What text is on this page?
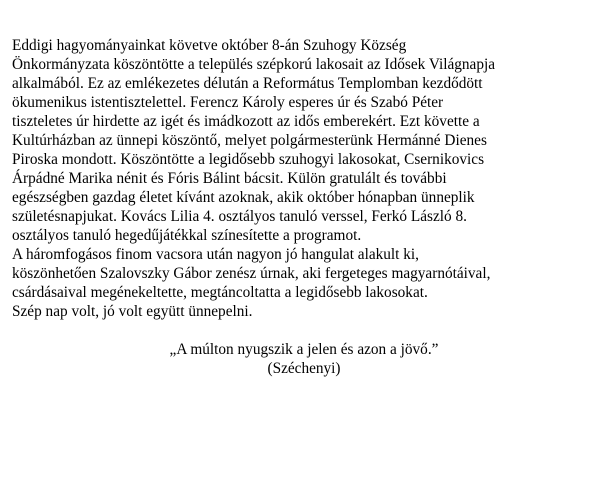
Eddigi hagyományainkat követve október 8-án Szuhogy Község
Önkormányzata köszöntötte a település szépkorú lakosait az Idősek Világnapja
alkalmából. Ez az emlékezetes délután a Református Templomban kezdődött
ökumenikus istentisztelettel. Ferencz Károly esperes úr és Szabó Péter
tiszteletes úr hirdette az igét és imádkozott az idős emberekért. Ezt követte a
Kultúrházban az ünnepi köszöntő, melyet polgármesterünk Hermánné Dienes
Piroska mondott. Köszöntötte a legidősebb szuhogyi lakosokat, Csernikovics
Árpádné Marika nénit és Fóris Bálint bácsit. Külön gratulált és további
egészségben gazdag életet kívánt azoknak, akik október hónapban ünneplik
születésnapjukat. Kovács Lilia 4. osztályos tanuló verssel, Ferkó László 8.
osztályos tanuló hegedűjátékkal színesítette a programot.
A háromfogásos finom vacsora után nagyon jó hangulat alakult ki,
köszönhetően Szalovszky Gábor zenész úrnak, aki fergeteges magyarnótáival,
csárdásaival megénekeltette, megtáncoltatta a legidősebb lakosokat.
Szép nap volt, jó volt együtt ünnepelni.
„A múlton nyugszik a jelen és azon a jövő.”
(Széchenyi)
